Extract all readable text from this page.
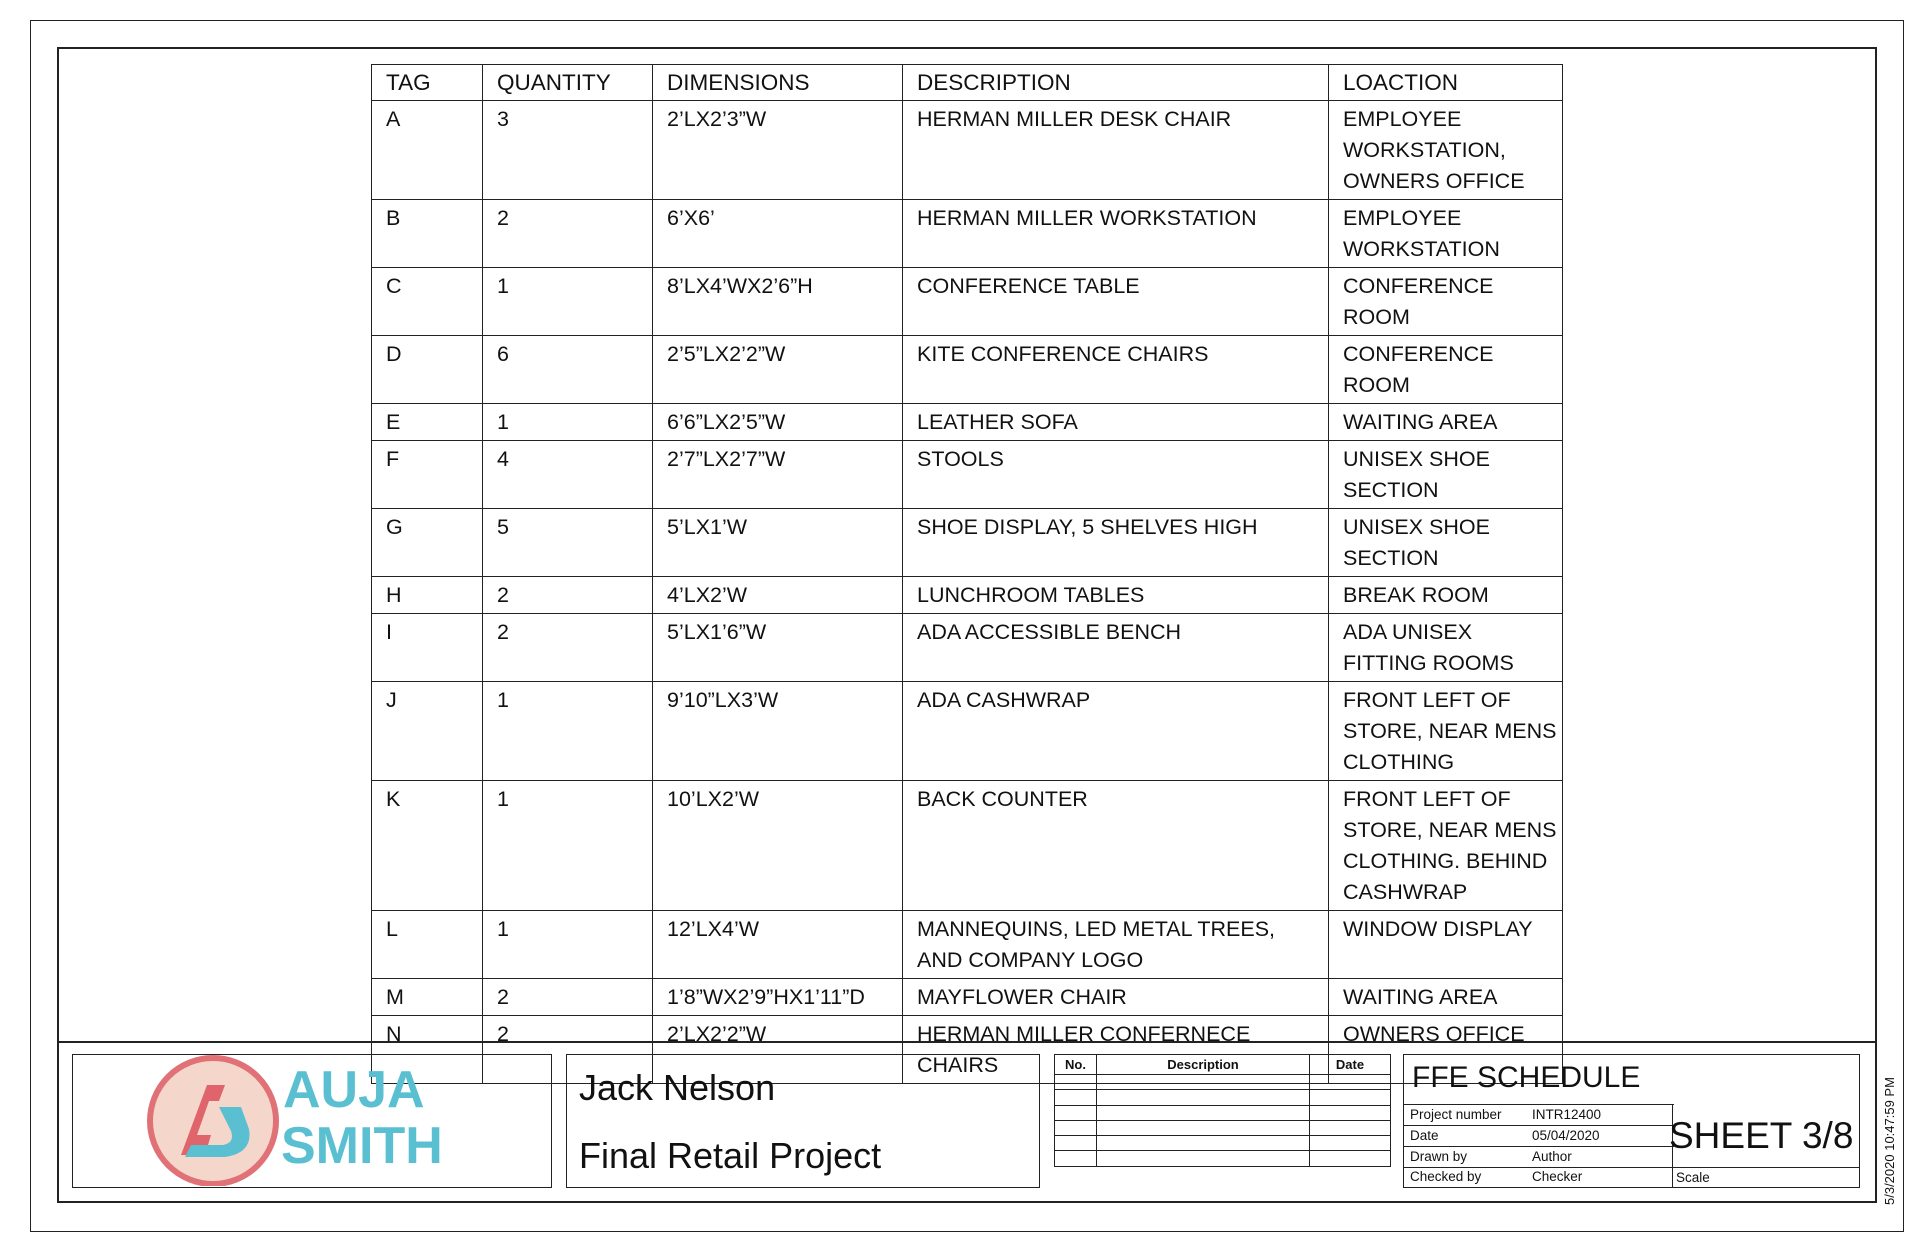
TAG	QUANTITY	DIMENSIONS	DESCRIPTION	LOACTION
A	3	2’LX2’3”W	HERMAN MILLER DESK CHAIR	EMPLOYEE
WORKSTATION,
OWNERS OFFICE
B	2	6’X6’	HERMAN MILLER WORKSTATION	EMPLOYEE
WORKSTATION
C	1	8’LX4’WX2’6”H	CONFERENCE TABLE	CONFERENCE
ROOM
D	6	2’5”LX2’2”W	KITE CONFERENCE CHAIRS	CONFERENCE
ROOM
E	1	6’6”LX2’5”W	LEATHER SOFA	WAITING AREA
F	4	2’7”LX2’7”W	STOOLS	UNISEX SHOE
SECTION
G	5	5’LX1’W	SHOE DISPLAY, 5 SHELVES HIGH	UNISEX SHOE
SECTION
H	2	4’LX2’W	LUNCHROOM TABLES	BREAK ROOM
I	2	5’LX1’6”W	ADA ACCESSIBLE BENCH	ADA UNISEX
FITTING ROOMS
J	1	9’10”LX3’W	ADA CASHWRAP	FRONT LEFT OF
STORE, NEAR MENS
CLOTHING
K	1	10’LX2’W	BACK COUNTER	FRONT LEFT OF
STORE, NEAR MENS
CLOTHING. BEHIND
CASHWRAP
L	1	12’LX4’W	MANNEQUINS, LED METAL TREES,
AND COMPANY LOGO	WINDOW DISPLAY
M	2	1’8”WX2’9”HX1’11”D	MAYFLOWER CHAIR	WAITING AREA
N	2	2’LX2’2”W	HERMAN MILLER CONFERNECE
CHAIRS	OWNERS OFFICE
AUJA
SMITH
Jack Nelson
Final Retail Project
No.	Description	Date

		FFE SCHEDULE
Project number INTR12400
Date	05/04/2020
Drawn by	Author
Checked by	Checker
SHEET 3/8
Scale	5/3/2020 10:47:59 PM
